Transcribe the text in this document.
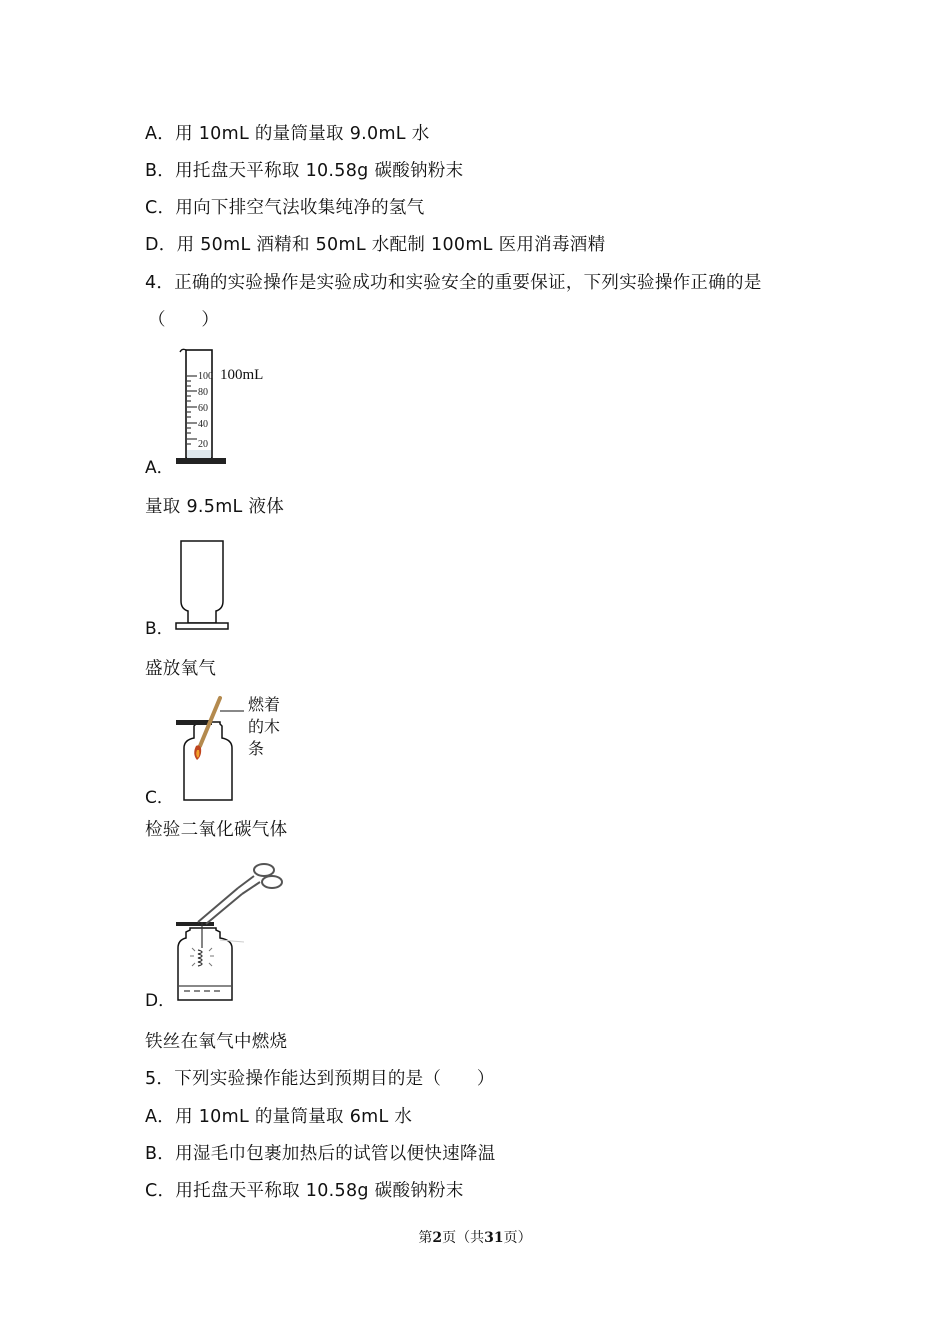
A．用 10mL 的量筒量取 9.0mL 水
B．用托盘天平称取 10.58g 碳酸钠粉末
C．用向下排空气法收集纯净的氢气
D．用 50mL 酒精和 50mL 水配制 100mL 医用消毒酒精
4．正确的实验操作是实验成功和实验安全的重要保证，下列实验操作正确的是
（　　）
100
80
60
40
20
100mL
A．
量取 9.5mL 液体
B．
盛放氧气
燃着
的木
条
C．
检验二氧化碳气体
D．
铁丝在氧气中燃烧
5．下列实验操作能达到预期目的是（　　）
A．用 10mL 的量筒量取 6mL 水
B．用湿毛巾包裹加热后的试管以便快速降温
C．用托盘天平称取 10.58g 碳酸钠粉末
第2页（共31页）
